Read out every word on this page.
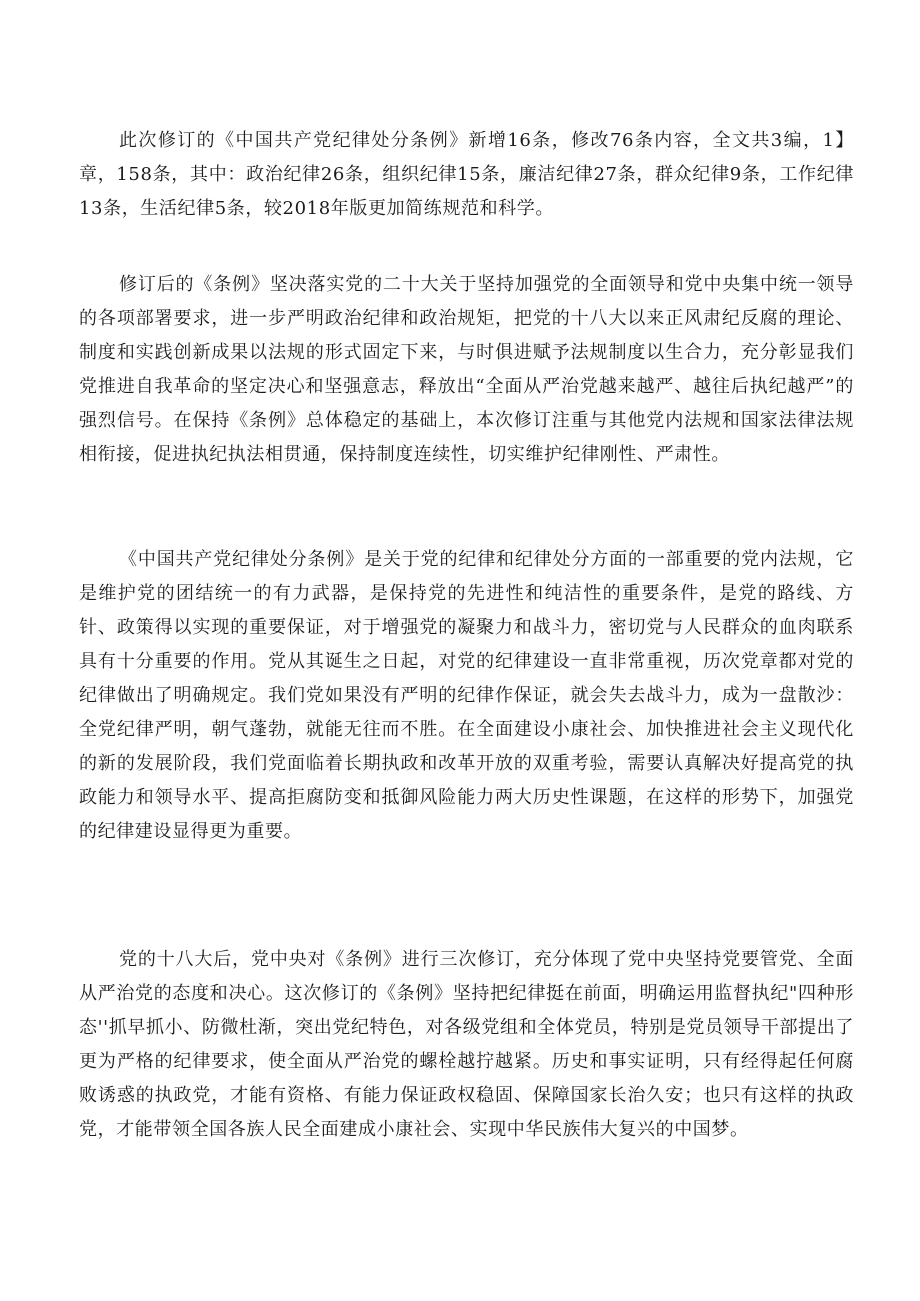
此次修订的《中国共产党纪律处分条例》新增16条，修改76条内容，全文共3编，1】章，158条，其中：政治纪律26条，组织纪律15条，廉洁纪律27条，群众纪律9条，工作纪律13条，生活纪律5条，较2018年版更加简练规范和科学。

修订后的《条例》坚决落实党的二十大关于坚持加强党的全面领导和党中央集中统一领导的各项部署要求，进一步严明政治纪律和政治规矩，把党的十八大以来正风肃纪反腐的理论、制度和实践创新成果以法规的形式固定下来，与时俱进赋予法规制度以生合力，充分彰显我们党推进自我革命的坚定决心和坚强意志，释放出“全面从严治党越来越严、越往后执纪越严”的强烈信号。在保持《条例》总体稳定的基础上，本次修订注重与其他党内法规和国家法律法规相衔接，促进执纪执法相贯通，保持制度连续性，切实维护纪律刚性、严肃性。

《中国共产党纪律处分条例》是关于党的纪律和纪律处分方面的一部重要的党内法规，它是维护党的团结统一的有力武器，是保持党的先进性和纯洁性的重要条件，是党的路线、方针、政策得以实现的重要保证，对于增强党的凝聚力和战斗力，密切党与人民群众的血肉联系具有十分重要的作用。党从其诞生之日起，对党的纪律建设一直非常重视，历次党章都对党的纪律做出了明确规定。我们党如果没有严明的纪律作保证，就会失去战斗力，成为一盘散沙：全党纪律严明，朝气蓬勃，就能无往而不胜。在全面建设小康社会、加快推进社会主义现代化的新的发展阶段，我们党面临着长期执政和改革开放的双重考验，需要认真解决好提高党的执政能力和领导水平、提高拒腐防变和抵御风险能力两大历史性课题，在这样的形势下，加强党的纪律建设显得更为重要。

党的十八大后，党中央对《条例》进行三次修订，充分体现了党中央坚持党要管党、全面从严治党的态度和决心。这次修订的《条例》坚持把纪律挺在前面，明确运用监督执纪"四种形态''抓早抓小、防微杜渐，突出党纪特色，对各级党组和全体党员，特别是党员领导干部提出了更为严格的纪律要求，使全面从严治党的螺栓越拧越紧。历史和事实证明，只有经得起任何腐败诱惑的执政党，才能有资格、有能力保证政权稳固、保障国家长治久安；也只有这样的执政党，才能带领全国各族人民全面建成小康社会、实现中华民族伟大复兴的中国梦。
